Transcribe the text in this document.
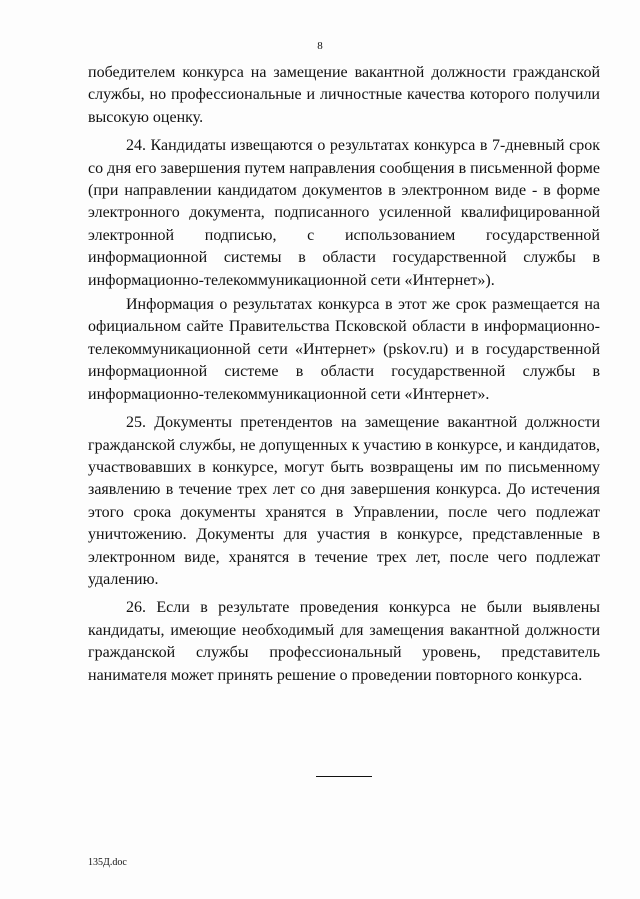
8

победителем конкурса на замещение вакантной должности гражданской службы, но профессиональные и личностные качества которого получили высокую оценку.

24. Кандидаты извещаются о результатах конкурса в 7-дневный срок со дня его завершения путем направления сообщения в письменной форме (при направлении кандидатом документов в электронном виде - в форме электронного документа, подписанного усиленной квалифицированной электронной подписью, с использованием государственной информационной системы в области государственной службы в информационно-телекоммуникационной сети «Интернет»).

Информация о результатах конкурса в этот же срок размещается на официальном сайте Правительства Псковской области в информационно-телекоммуникационной сети «Интернет» (pskov.ru) и в государственной информационной системе в области государственной службы в информационно-телекоммуникационной сети «Интернет».

25. Документы претендентов на замещение вакантной должности гражданской службы, не допущенных к участию в конкурсе, и кандидатов, участвовавших в конкурсе, могут быть возвращены им по письменному заявлению в течение трех лет со дня завершения конкурса. До истечения этого срока документы хранятся в Управлении, после чего подлежат уничтожению. Документы для участия в конкурсе, представленные в электронном виде, хранятся в течение трех лет, после чего подлежат удалению.

26. Если в результате проведения конкурса не были выявлены кандидаты, имеющие необходимый для замещения вакантной должности гражданской службы профессиональный уровень, представитель нанимателя может принять решение о проведении повторного конкурса.

135Д.doc
